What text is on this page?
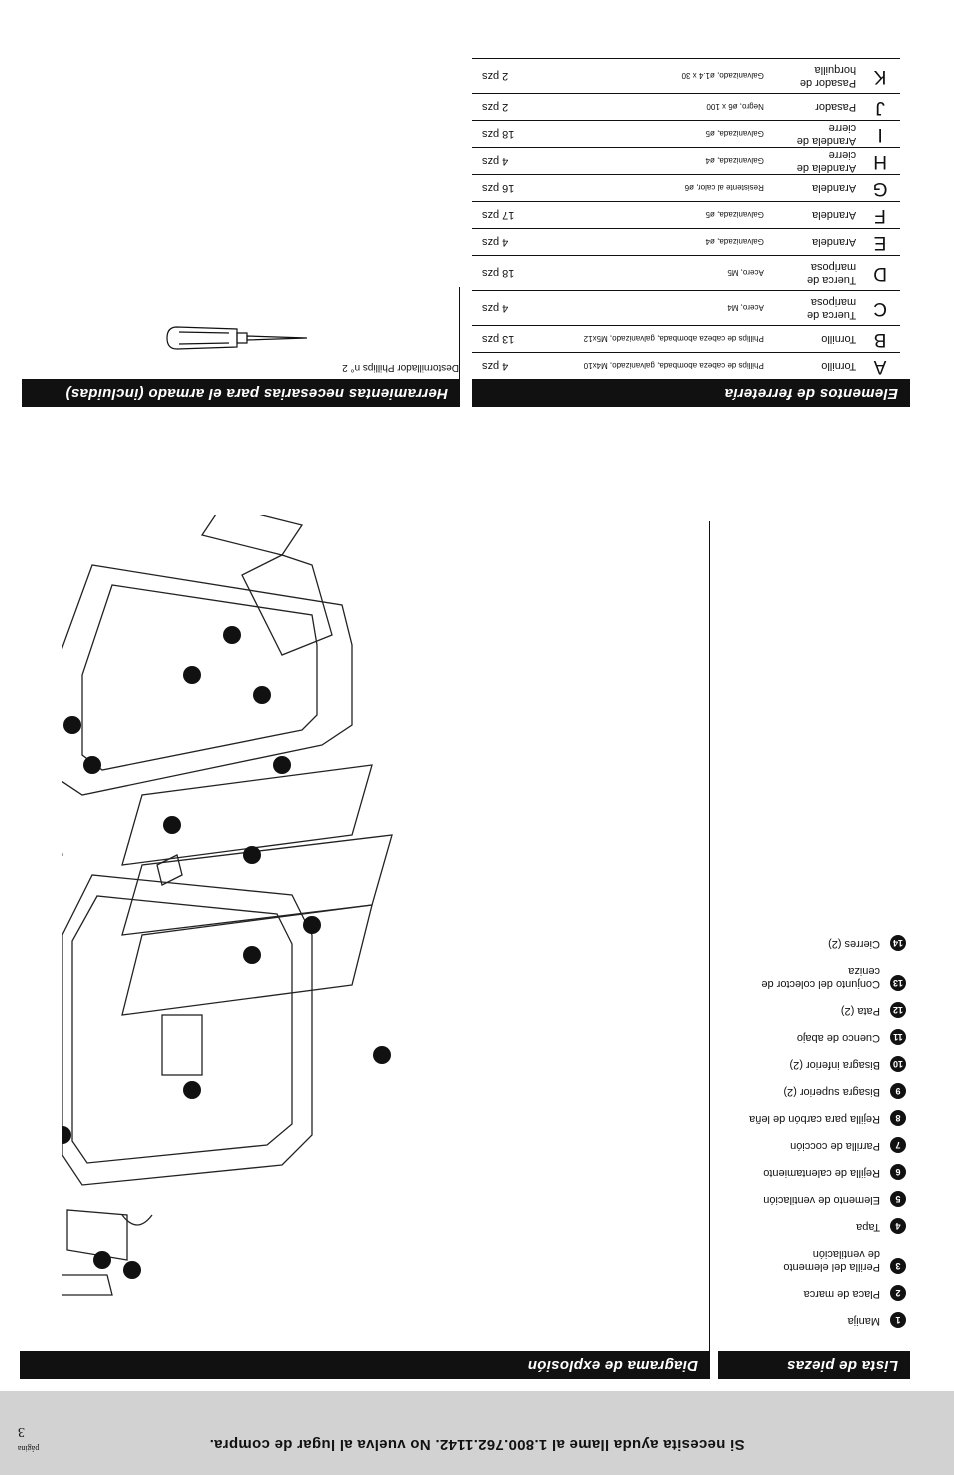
Si necesita ayuda llame al 1.800.762.1142. No vuelva al lugar de compra.
página
3
Lista de piezas
1
Manija
2
Placa de marca
3
Perilla del elemento de ventilación
4
Tapa
5
Elemento de ventilación
6
Rejilla de calentamiento
7
Parrilla de cocción
8
Rejilla para carbón de leña
9
Bisagra superior (2)
10
Bisagra inferior (2)
11
Cuenco de abajo
12
Pata (2)
13
Conjunto del colector de ceniza
14
Cierres (2)
Diagrama de explosión
Elementos de ferretería
A	Tornillo	Phillips de cabeza abombada, galvanizado, M4x10	4 pzs
B	Tornillo	Phillips de cabeza abombada, galvanizado, M5x12	13 pzs
C	Tuerca de mariposa	Acero, M4	4 pzs
D	Tuerca de mariposa	Acero, M5	18 pzs
E	Arandela	Galvanizada, ø4	4 pzs
F	Arandela	Galvanizada, ø5	17 pzs
G	Arandela	Resistente al calor, ø6	16 pzs
H	Arandela de cierre	Galvanizada, ø4	4 pzs
I	Arandela de cierre	Galvanizada, ø5	18 pzs
J	Pasador	Negro, ø6 x 100	2 pzs
K	Pasador de horquilla	Galvanizado, ø1.4 x 30	2 pzs
Herramientas necesarias para el armado (incluidas)
Destornillador Phillips n° 2
